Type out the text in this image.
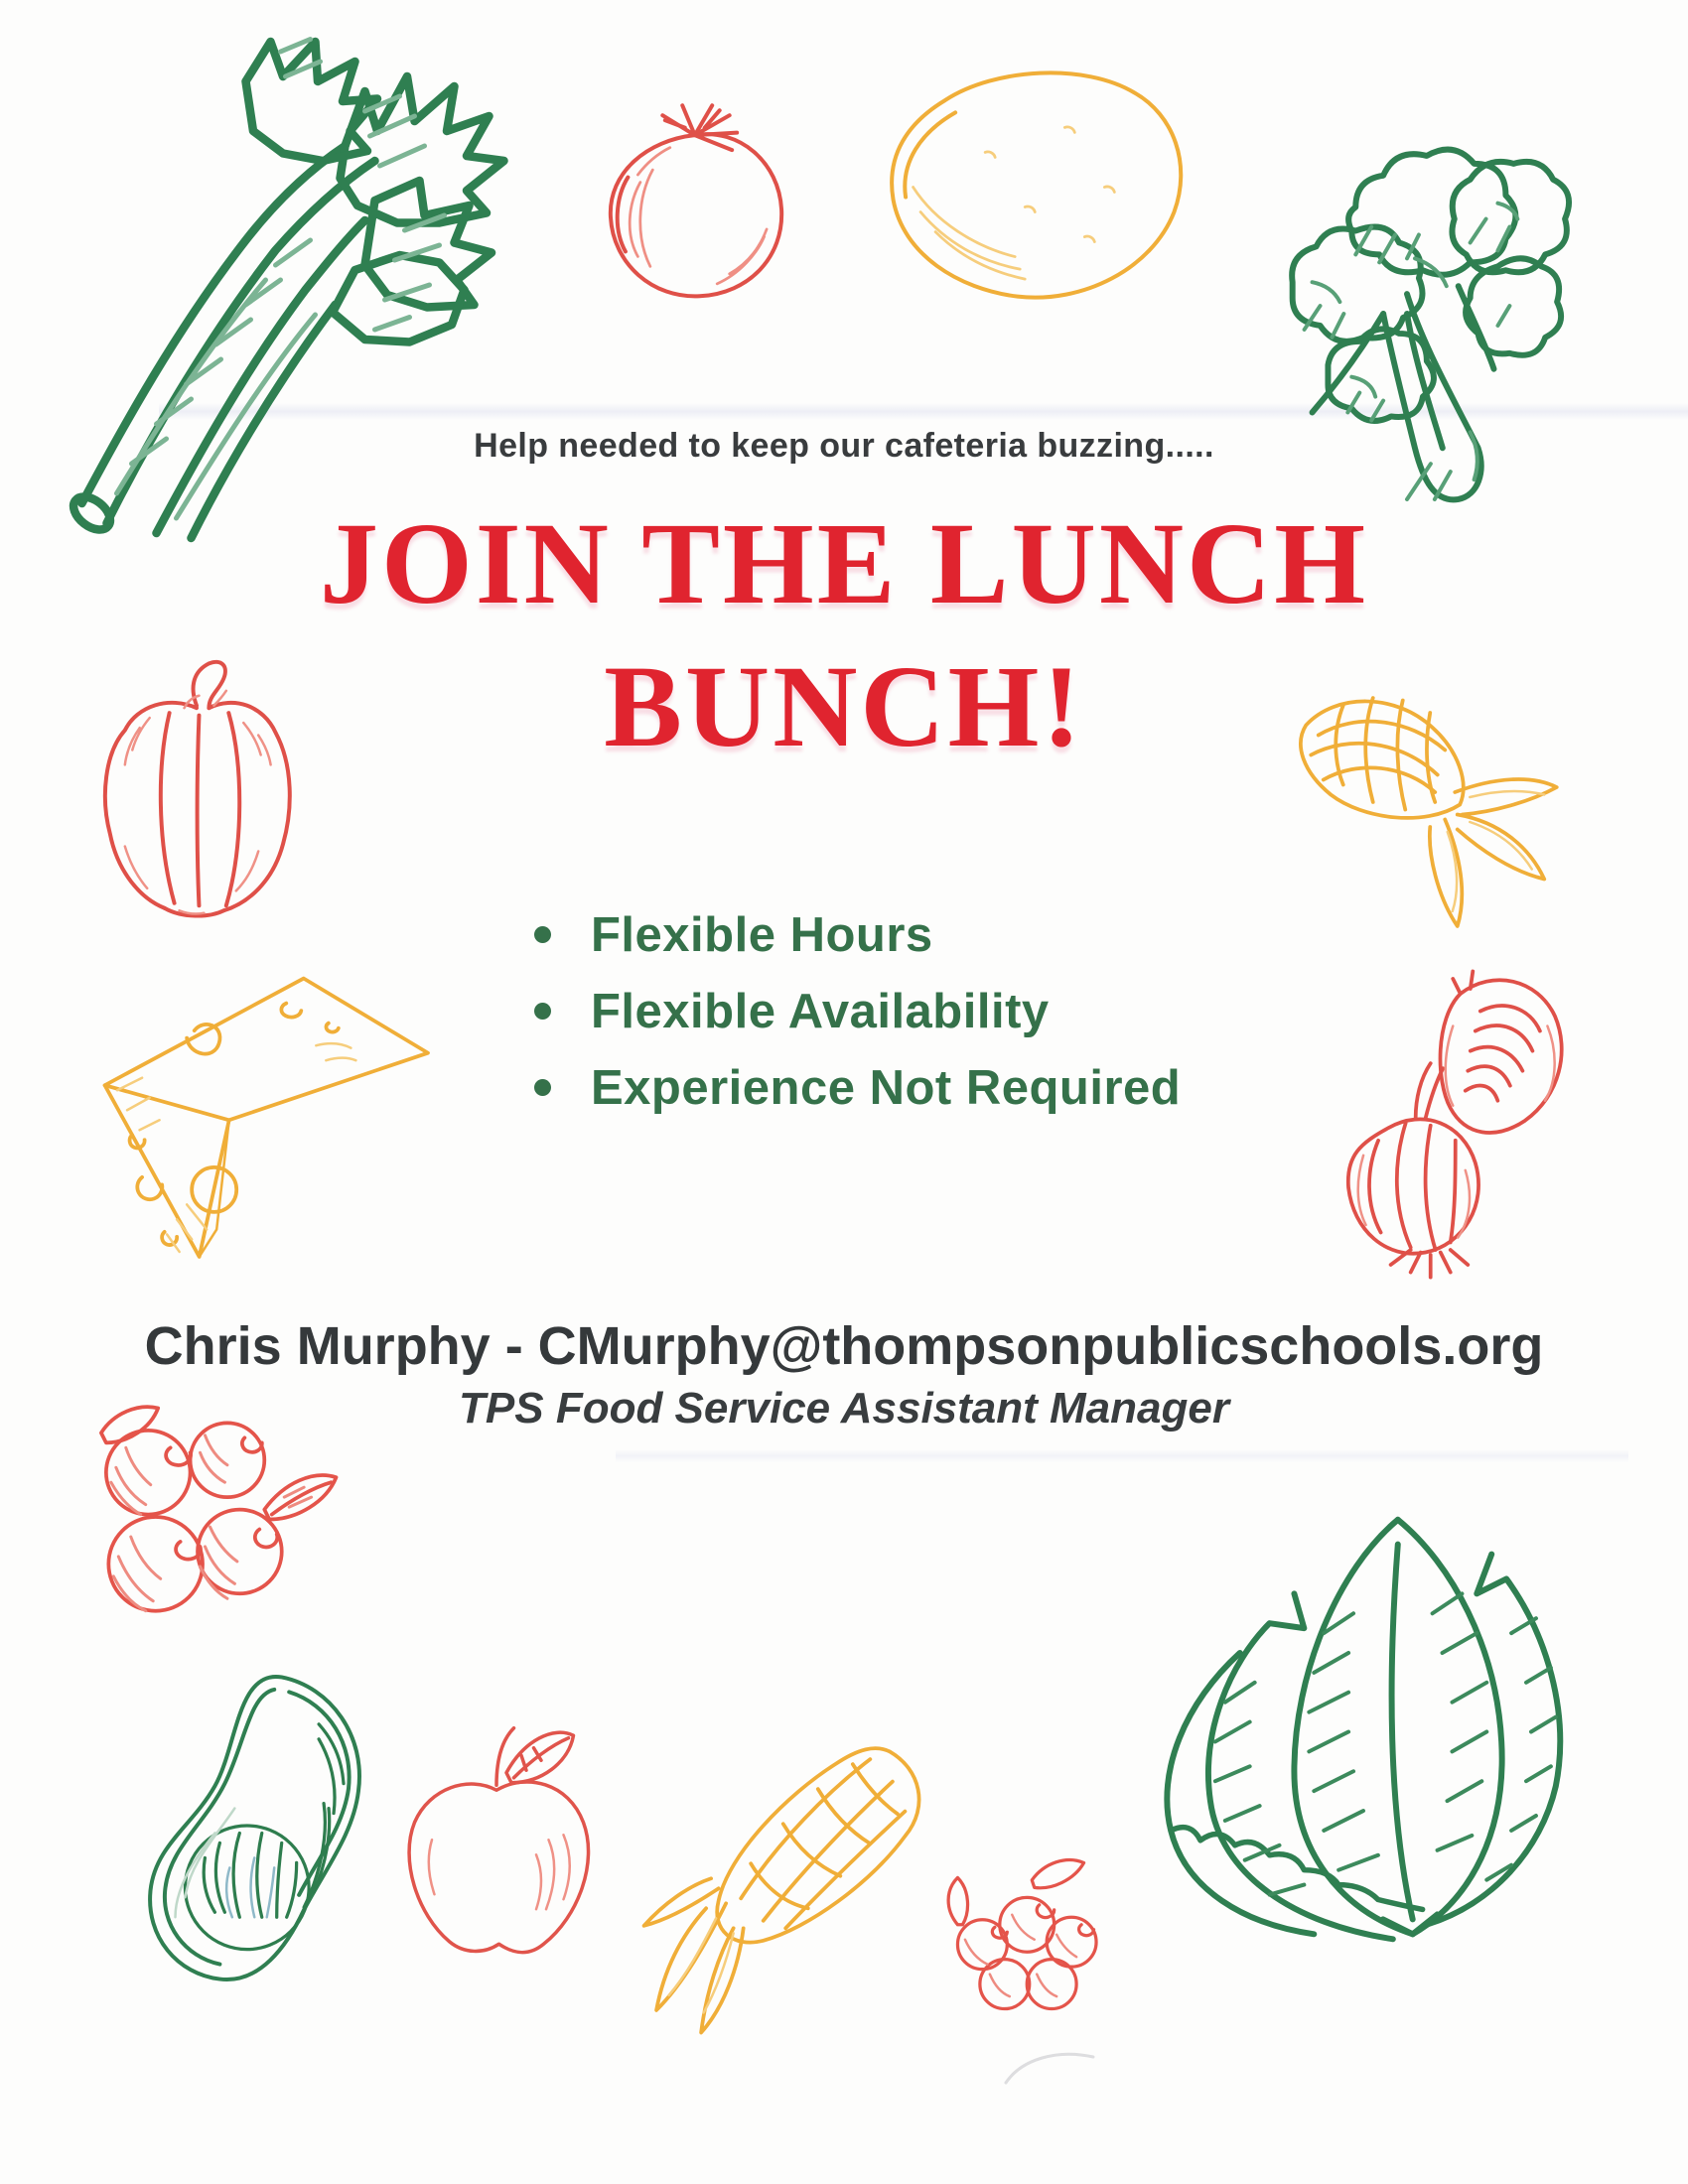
Help needed to keep our cafeteria buzzing.....
JOIN THE LUNCH
BUNCH!
Flexible Hours
Flexible Availability
Experience Not Required
Chris Murphy - CMurphy@thompsonpublicschools.org
TPS Food Service Assistant Manager
